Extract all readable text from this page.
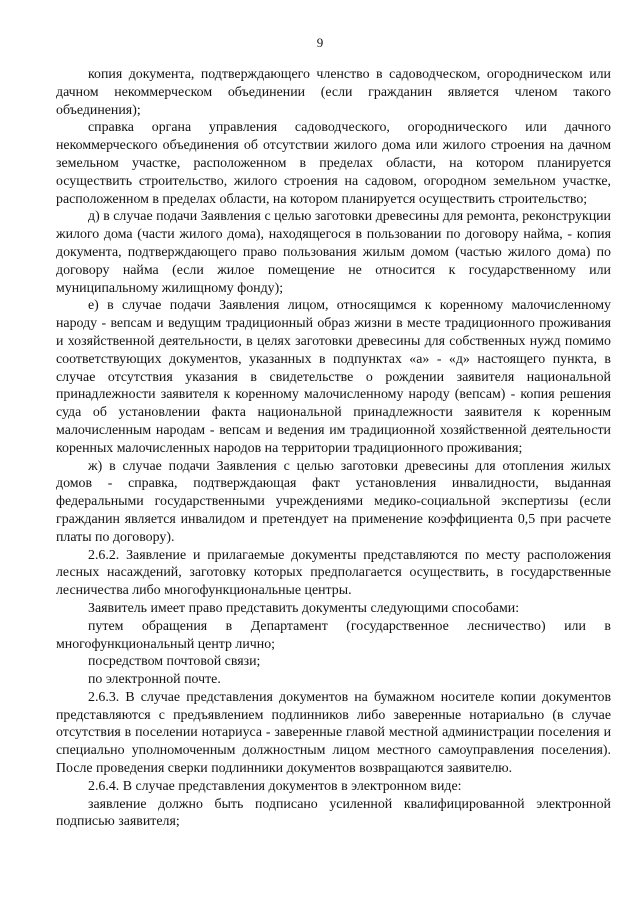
9

копия документа, подтверждающего членство в садоводческом, огородническом или дачном некоммерческом объединении (если гражданин является членом такого объединения);

справка органа управления садоводческого, огороднического или дачного некоммерческого объединения об отсутствии жилого дома или жилого строения на дачном земельном участке, расположенном в пределах области, на котором планируется осуществить строительство, жилого строения на садовом, огородном земельном участке, расположенном в пределах области, на котором планируется осуществить строительство;

д) в случае подачи Заявления с целью заготовки древесины для ремонта, реконструкции жилого дома (части жилого дома), находящегося в пользовании по договору найма, - копия документа, подтверждающего право пользования жилым домом (частью жилого дома) по договору найма (если жилое помещение не относится к государственному или муниципальному жилищному фонду);

е) в случае подачи Заявления лицом, относящимся к коренному малочисленному народу - вепсам и ведущим традиционный образ жизни в месте традиционного проживания и хозяйственной деятельности, в целях заготовки древесины для собственных нужд помимо соответствующих документов, указанных в подпунктах «а» - «д» настоящего пункта, в случае отсутствия указания в свидетельстве о рождении заявителя национальной принадлежности заявителя к коренному малочисленному народу (вепсам) - копия решения суда об установлении факта национальной принадлежности заявителя к коренным малочисленным народам - вепсам и ведения им традиционной хозяйственной деятельности коренных малочисленных народов на территории традиционного проживания;

ж) в случае подачи Заявления с целью заготовки древесины для отопления жилых домов - справка, подтверждающая факт установления инвалидности, выданная федеральными государственными учреждениями медико-социальной экспертизы (если гражданин является инвалидом и претендует на применение коэффициента 0,5 при расчете платы по договору).

2.6.2. Заявление и прилагаемые документы представляются по месту расположения лесных насаждений, заготовку которых предполагается осуществить, в государственные лесничества либо многофункциональные центры.

Заявитель имеет право представить документы следующими способами:

путем обращения в Департамент (государственное лесничество) или в многофункциональный центр лично;

посредством почтовой связи;

по электронной почте.

2.6.3. В случае представления документов на бумажном носителе копии документов представляются с предъявлением подлинников либо заверенные нотариально (в случае отсутствия в поселении нотариуса - заверенные главой местной администрации поселения и специально уполномоченным должностным лицом местного самоуправления поселения). После проведения сверки подлинники документов возвращаются заявителю.

2.6.4. В случае представления документов в электронном виде:

заявление должно быть подписано усиленной квалифицированной электронной подписью заявителя;
